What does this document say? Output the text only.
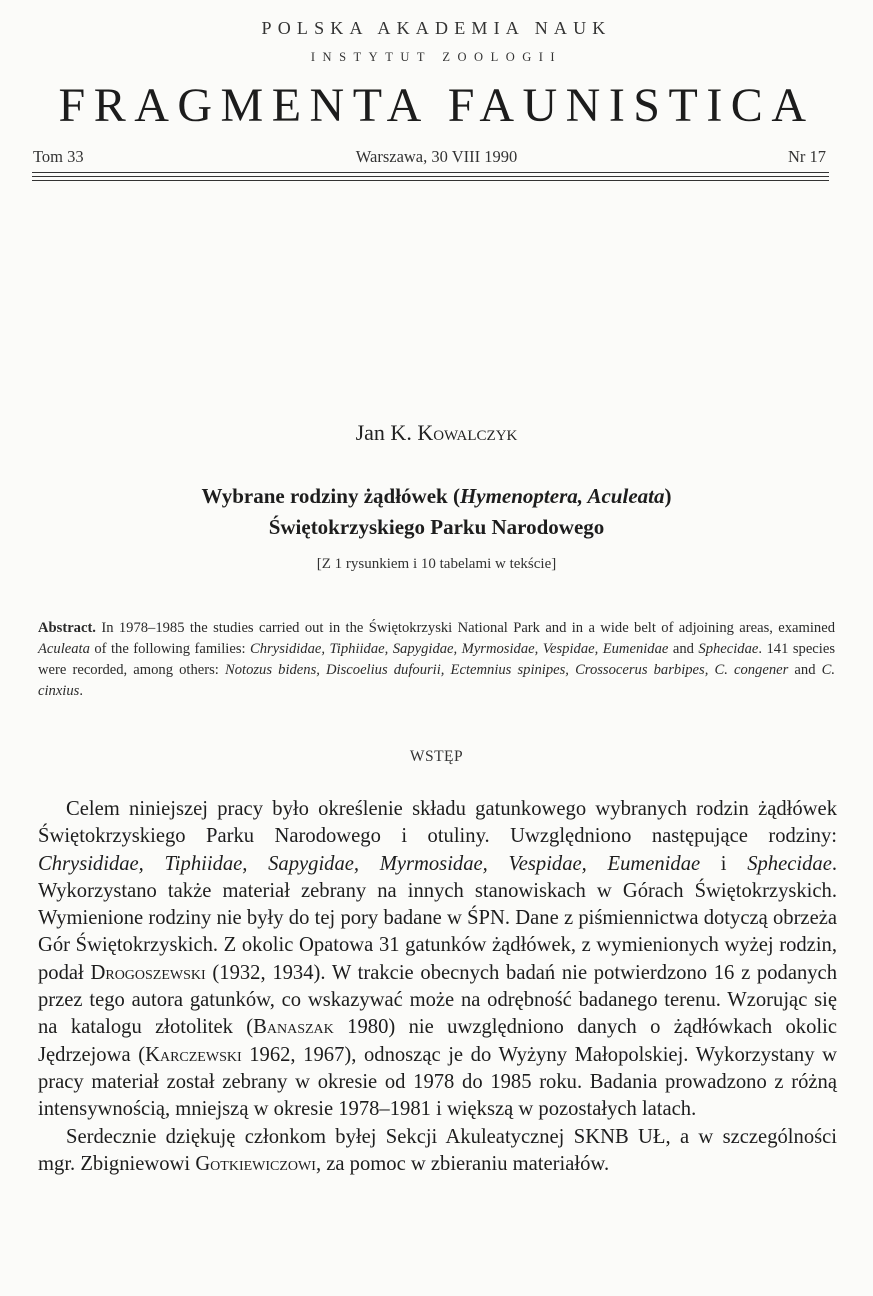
POLSKA AKADEMIA NAUK
INSTYTUT ZOOLOGII
FRAGMENTA FAUNISTICA
Tom 33	Warszawa, 30 VIII 1990	Nr 17
Jan K. Kowalczyk
Wybrane rodziny żądłówek (Hymenoptera, Aculeata)
Świętokrzyskiego Parku Narodowego
[Z 1 rysunkiem i 10 tabelami w tekście]
Abstract. In 1978–1985 the studies carried out in the Świętokrzyski National Park and in a wide belt of adjoining areas, examined Aculeata of the following families: Chrysididae, Tiphiidae, Sapygidae, Myrmosidae, Vespidae, Eumenidae and Sphecidae. 141 species were recorded, among others: Notozus bidens, Discoelius dufourii, Ectemnius spinipes, Crossocerus barbipes, C. congener and C. cinxius.
WSTĘP

Celem niniejszej pracy było określenie składu gatunkowego wybranych rodzin żądłówek Świętokrzyskiego Parku Narodowego i otuliny. Uwzględniono następujące rodziny: Chrysididae, Tiphiidae, Sapygidae, Myrmosidae, Vespidae, Eumenidae i Sphecidae. Wykorzystano także materiał zebrany na innych stanowiskach w Górach Świętokrzyskich. Wymienione rodziny nie były do tej pory badane w ŚPN. Dane z piśmiennictwa dotyczą obrzeża Gór Świętokrzyskich. Z okolic Opatowa 31 gatunków żądłówek, z wymienionych wyżej rodzin, podał Drogoszewski (1932, 1934). W trakcie obecnych badań nie potwierdzono 16 z podanych przez tego autora gatunków, co wskazywać może na odrębność badanego terenu. Wzorując się na katalogu złotolitek (Banaszak 1980) nie uwzględniono danych o żądłówkach okolic Jędrzejowa (Karczewski 1962, 1967), odnosząc je do Wyżyny Małopolskiej. Wykorzystany w pracy materiał został zebrany w okresie od 1978 do 1985 roku. Badania prowadzono z różną intensywnością, mniejszą w okresie 1978–1981 i większą w pozostałych latach.

Serdecznie dziękuję członkom byłej Sekcji Akuleatycznej SKNB UŁ, a w szczególności mgr. Zbigniewowi Gotkiewiczowi, za pomoc w zbieraniu materiałów.
